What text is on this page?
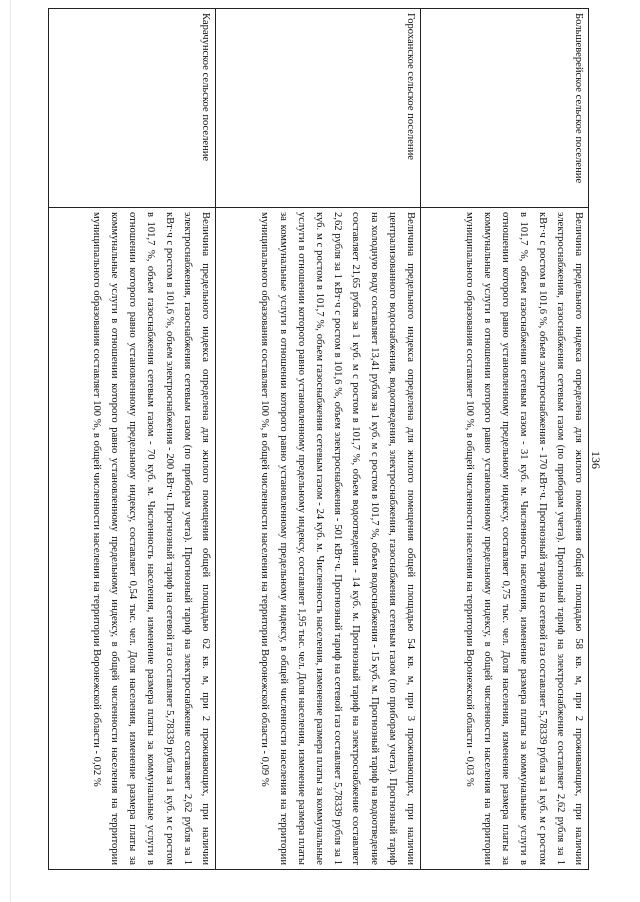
136
Большеверейское сельское поселение	Величина предельного индекса определена для жилого помещения общей площадью 58 кв. м, при 2 проживающих, при наличии электроснабжения, газоснабжения сетевым газом (по приборам учета). Прогнозный тариф на электроснабжение составляет 2,62 рубля за 1 кВт·ч с ростом в 101,6 %, объем электроснабжения - 170 кВт·ч. Прогнозный тариф на сетевой газ составляет 5,78339 рубля за 1 куб. м с ростом в 101,7 %, объем газоснабжения сетевым газом - 31 куб. м. Численность населения, изменение размера платы за коммунальные услуги в отношении которого равно установленному предельному индексу, составляет 0,75 тыс. чел. Доля населения, изменение размера платы за коммунальные услуги в отношении которого равно установленному предельному индексу, в общей численности населения на территории муниципального образования составляет 100 %, в общей численности населения на территории Воронежской области - 0,03 %
Гороханское сельское поселение	Величина предельного индекса определена для жилого помещения общей площадью 54 кв. м, при 3 проживающих, при наличии централизованного водоснабжения, водоотведения, электроснабжения, газоснабжения сетевым газом (по приборам учета). Прогнозный тариф на холодную воду составляет 13,41 рубля за 1 куб. м с ростом в 101,7 %, объем водоснабжения - 15 куб. м. Прогнозный тариф на водоотведение составляет 21,65 рубля за 1 куб. м с ростом в 101,7 %, объем водоотведения - 14 куб. м. Прогнозный тариф на электроснабжение составляет 2,62 рубля за 1 кВт·ч с ростом в 101,6 %, объем электроснабжения - 501 кВт·ч. Прогнозный тариф на сетевой газ составляет 5,78339 рубля за 1 куб. м с ростом в 101,7 %, объем газоснабжения сетевым газом - 24 куб. м. Численность населения, изменение размера платы за коммунальные услуги в отношении которого равно установленному предельному индексу, составляет 1,95 тыс. чел. Доля населения, изменение размера платы за коммунальные услуги в отношении которого равно установленному предельному индексу, в общей численности населения на территории муниципального образования составляет 100 %, в общей численности населения на территории Воронежской области - 0,09 %
Карачунское сельское поселение	Величина предельного индекса определена для жилого помещения общей площадью 62 кв. м, при 2 проживающих, при наличии электроснабжения, газоснабжения сетевым газом (по приборам учета). Прогнозный тариф на электроснабжение составляет 2,62 рубля за 1 кВт·ч с ростом в 101,6 %, объем электроснабжения - 200 кВт·ч. Прогнозный тариф на сетевой газ составляет 5,78339 рубля за 1 куб. м с ростом в 101,7 %, объем газоснабжения сетевым газом - 70 куб. м. Численность населения, изменение размера платы за коммунальные услуги в отношении которого равно установленному предельному индексу, составляет 0,54 тыс. чел. Доля населения, изменение размера платы за коммунальные услуги в отношении которого равно установленному предельному индексу, в общей численности населения на территории муниципального образования составляет 100 %, в общей численности населения на территории Воронежской области - 0,02 %
